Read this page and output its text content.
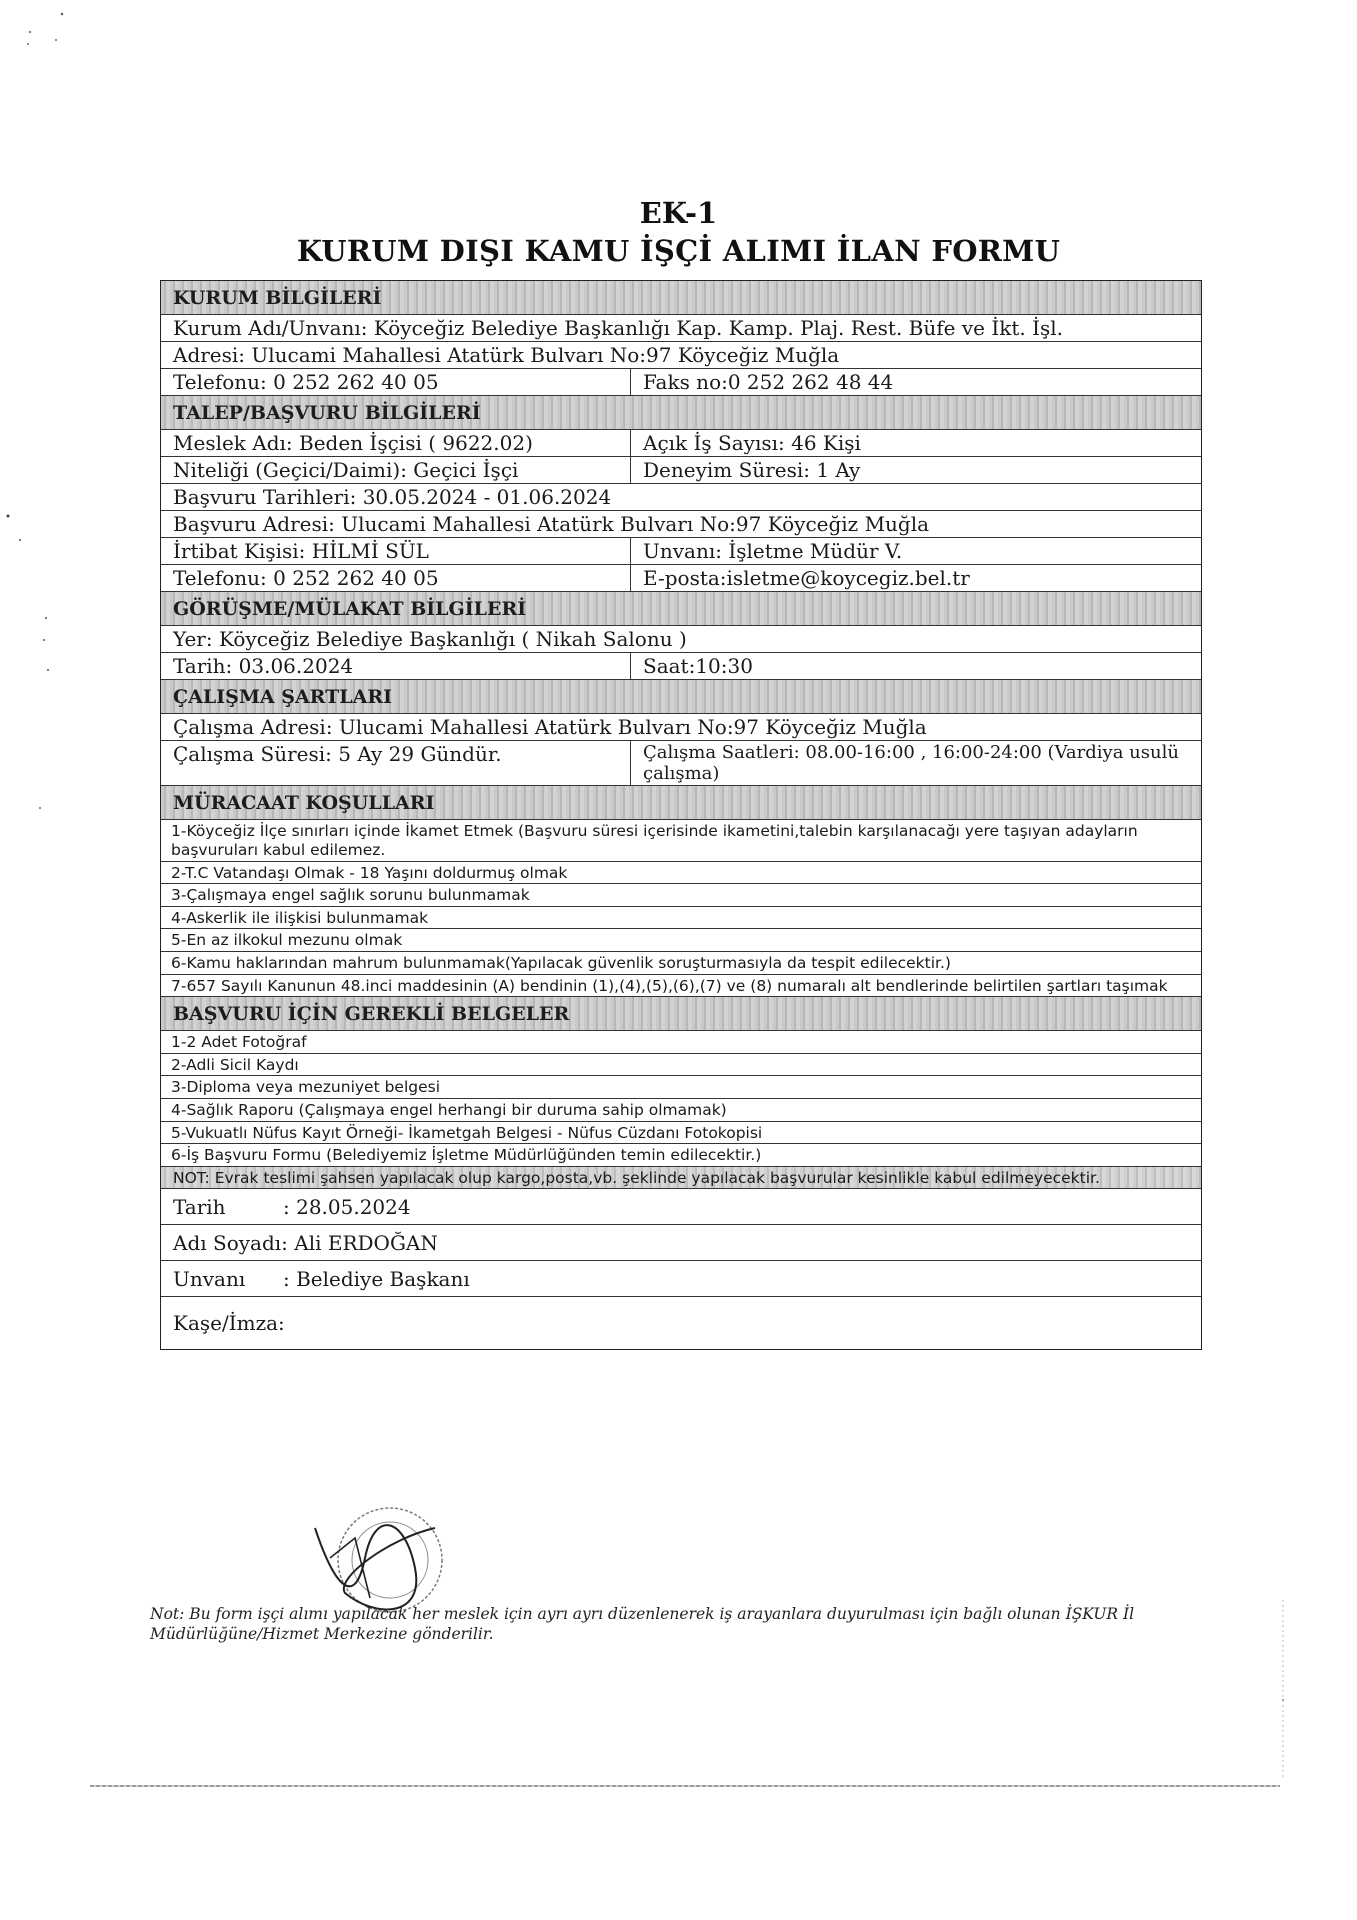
EK-1
KURUM DIŞI KAMU İŞÇİ ALIMI İLAN FORMU
KURUM BİLGİLERİ
Kurum Adı/Unvanı: Köyceğiz Belediye Başkanlığı Kap. Kamp. Plaj. Rest. Büfe ve İkt. İşl.
Adresi: Ulucami Mahallesi Atatürk Bulvarı No:97 Köyceğiz Muğla
Telefonu: 0 252 262 40 05	Faks no:0 252 262 48 44
TALEP/BAŞVURU BİLGİLERİ
Meslek Adı: Beden İşçisi ( 9622.02)	Açık İş Sayısı: 46 Kişi
Niteliği (Geçici/Daimi): Geçici İşçi	Deneyim Süresi: 1 Ay
Başvuru Tarihleri: 30.05.2024 - 01.06.2024
Başvuru Adresi: Ulucami Mahallesi Atatürk Bulvarı No:97 Köyceğiz Muğla
İrtibat Kişisi: HİLMİ SÜL	Unvanı: İşletme Müdür V.
Telefonu: 0 252 262 40 05	E-posta:isletme@koycegiz.bel.tr
GÖRÜŞME/MÜLAKAT BİLGİLERİ
Yer: Köyceğiz Belediye Başkanlığı ( Nikah Salonu )
Tarih: 03.06.2024	Saat:10:30
ÇALIŞMA ŞARTLARI
Çalışma Adresi: Ulucami Mahallesi Atatürk Bulvarı No:97 Köyceğiz Muğla
Çalışma Süresi: 5 Ay 29 Gündür.	Çalışma Saatleri: 08.00-16:00 , 16:00-24:00 (Vardiya usulü çalışma)
MÜRACAAT KOŞULLARI
1-Köyceğiz İlçe sınırları içinde İkamet Etmek (Başvuru süresi içerisinde ikametini,talebin karşılanacağı yere taşıyan adayların başvuruları kabul edilemez.
2-T.C Vatandaşı Olmak - 18 Yaşını doldurmuş olmak
3-Çalışmaya engel sağlık sorunu bulunmamak
4-Askerlik ile ilişkisi bulunmamak
5-En az ilkokul mezunu olmak
6-Kamu haklarından mahrum bulunmamak(Yapılacak güvenlik soruşturmasıyla da tespit edilecektir.)
7-657 Sayılı Kanunun 48.inci maddesinin (A) bendinin (1),(4),(5),(6),(7) ve (8) numaralı alt bendlerinde belirtilen şartları taşımak
BAŞVURU İÇİN GEREKLİ BELGELER
1-2 Adet Fotoğraf
2-Adli Sicil Kaydı
3-Diploma veya mezuniyet belgesi
4-Sağlık Raporu (Çalışmaya engel herhangi bir duruma sahip olmamak)
5-Vukuatlı Nüfus Kayıt Örneği- İkametgah Belgesi - Nüfus Cüzdanı Fotokopisi
6-İş Başvuru Formu (Belediyemiz İşletme Müdürlüğünden temin edilecektir.)
NOT: Evrak teslimi şahsen yapılacak olup kargo,posta,vb. şeklinde yapılacak başvurular kesinlikle kabul edilmeyecektir.
Tarih	: 28.05.2024
Adı Soyadı: Ali ERDOĞAN
Unvanı : Belediye Başkanı
Kaşe/İmza:
Not: Bu form işçi alımı yapılacak her meslek için ayrı ayrı düzenlenerek iş arayanlara duyurulması için bağlı olunan İŞKUR İl Müdürlüğüne/Hizmet Merkezine gönderilir.
